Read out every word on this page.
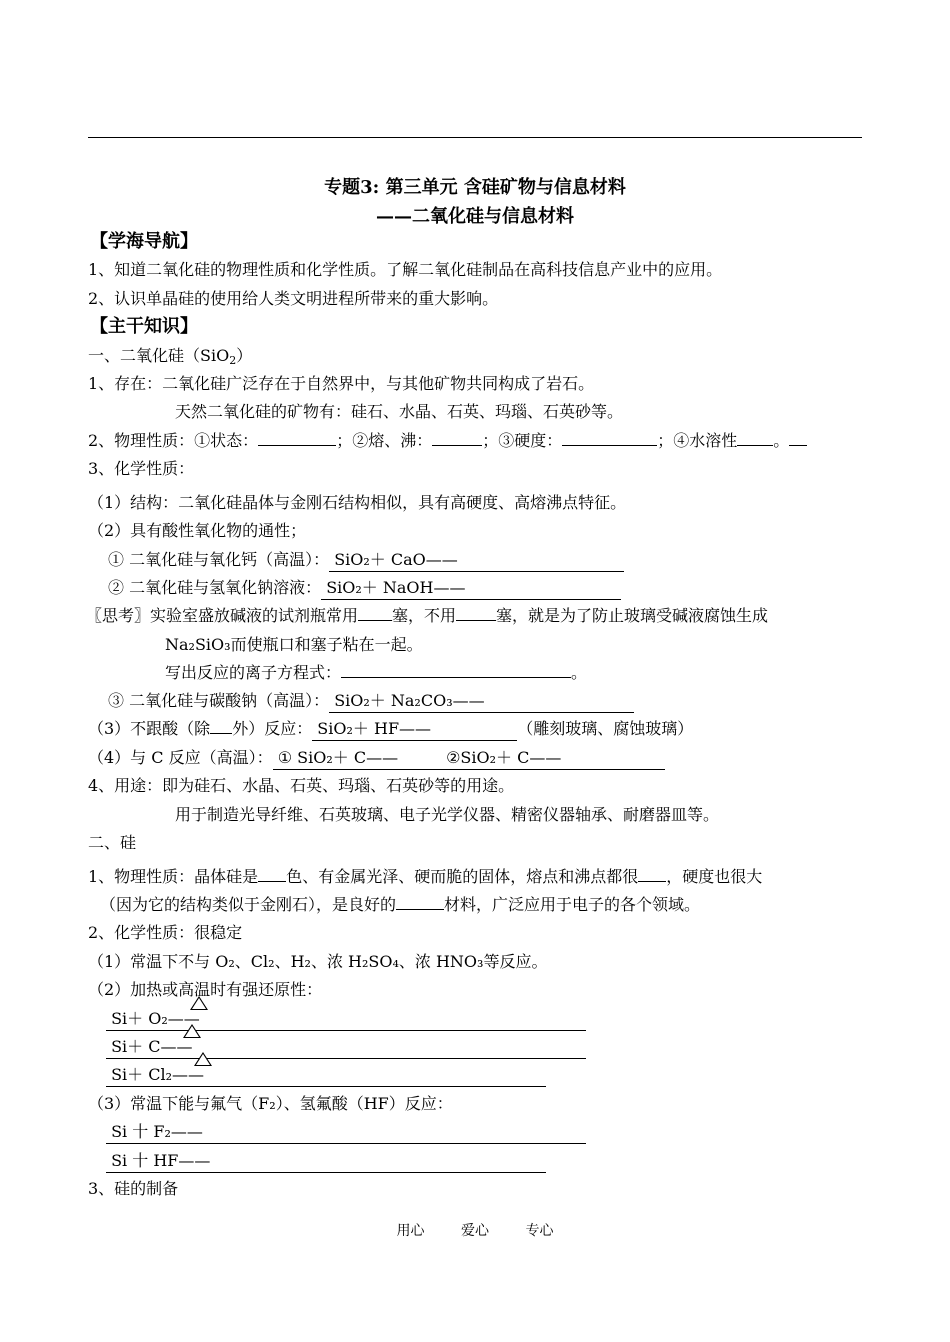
专题3: 第三单元 含硅矿物与信息材料
——二氧化硅与信息材料
【学海导航】
1、知道二氧化硅的物理性质和化学性质。了解二氧化硅制品在高科技信息产业中的应用。
2、认识单晶硅的使用给人类文明进程所带来的重大影响。
【主干知识】
一、二氧化硅（SiO$_2$）
1、存在：二氧化硅广泛存在于自然界中，与其他矿物共同构成了岩石。
天然二氧化硅的矿物有：硅石、水晶、石英、玛瑙、石英砂等。
2、物理性质：①状态：	；②熔、沸：	；③硬度：	；④水溶性 。
3、化学性质：
（1）结构：二氧化硅晶体与金刚石结构相似，具有高硬度、高熔沸点特征。
（2）具有酸性氧化物的通性；
① 二氧化硅与氧化钙（高温）： SiO₂＋ CaO——
② 二氧化硅与氢氧化钠溶液： SiO₂＋ NaOH——
〖思考〗实验室盛放碱液的试剂瓶常用 塞，不用	塞，就是为了防止玻璃受碱液腐蚀生成
Na₂SiO₃而使瓶口和塞子粘在一起。
写出反应的离子方程式：	。
③ 二氧化硅与碳酸钠（高温）： SiO₂＋ Na₂CO₃——
（3）不跟酸（除 外）反应： SiO₂＋ HF——	（雕刻玻璃、腐蚀玻璃）
（4）与 C 反应（高温）： ① SiO₂＋ C——	②SiO₂＋ C——
4、用途：即为硅石、水晶、石英、玛瑙、石英砂等的用途。
用于制造光导纤维、石英玻璃、电子光学仪器、精密仪器轴承、耐磨器皿等。
二、硅
1、物理性质：晶体硅是 色、有金属光泽、硬而脆的固体，熔点和沸点都很 ，硬度也很大
（因为它的结构类似于金刚石），是良好的	材料，广泛应用于电子的各个领域。
2、化学性质：很稳定
（1）常温下不与 O₂、Cl₂、H₂、浓 H₂SO₄、浓 HNO₃等反应。
（2）加热或高温时有强还原性：
Si＋ O₂——
Si＋ C——
Si＋ Cl₂——
（3）常温下能与氟气（F₂）、氢氟酸（HF）反应：
Si 十 F₂——
Si 十 HF——
3、硅的制备
用心	爱心	专心
